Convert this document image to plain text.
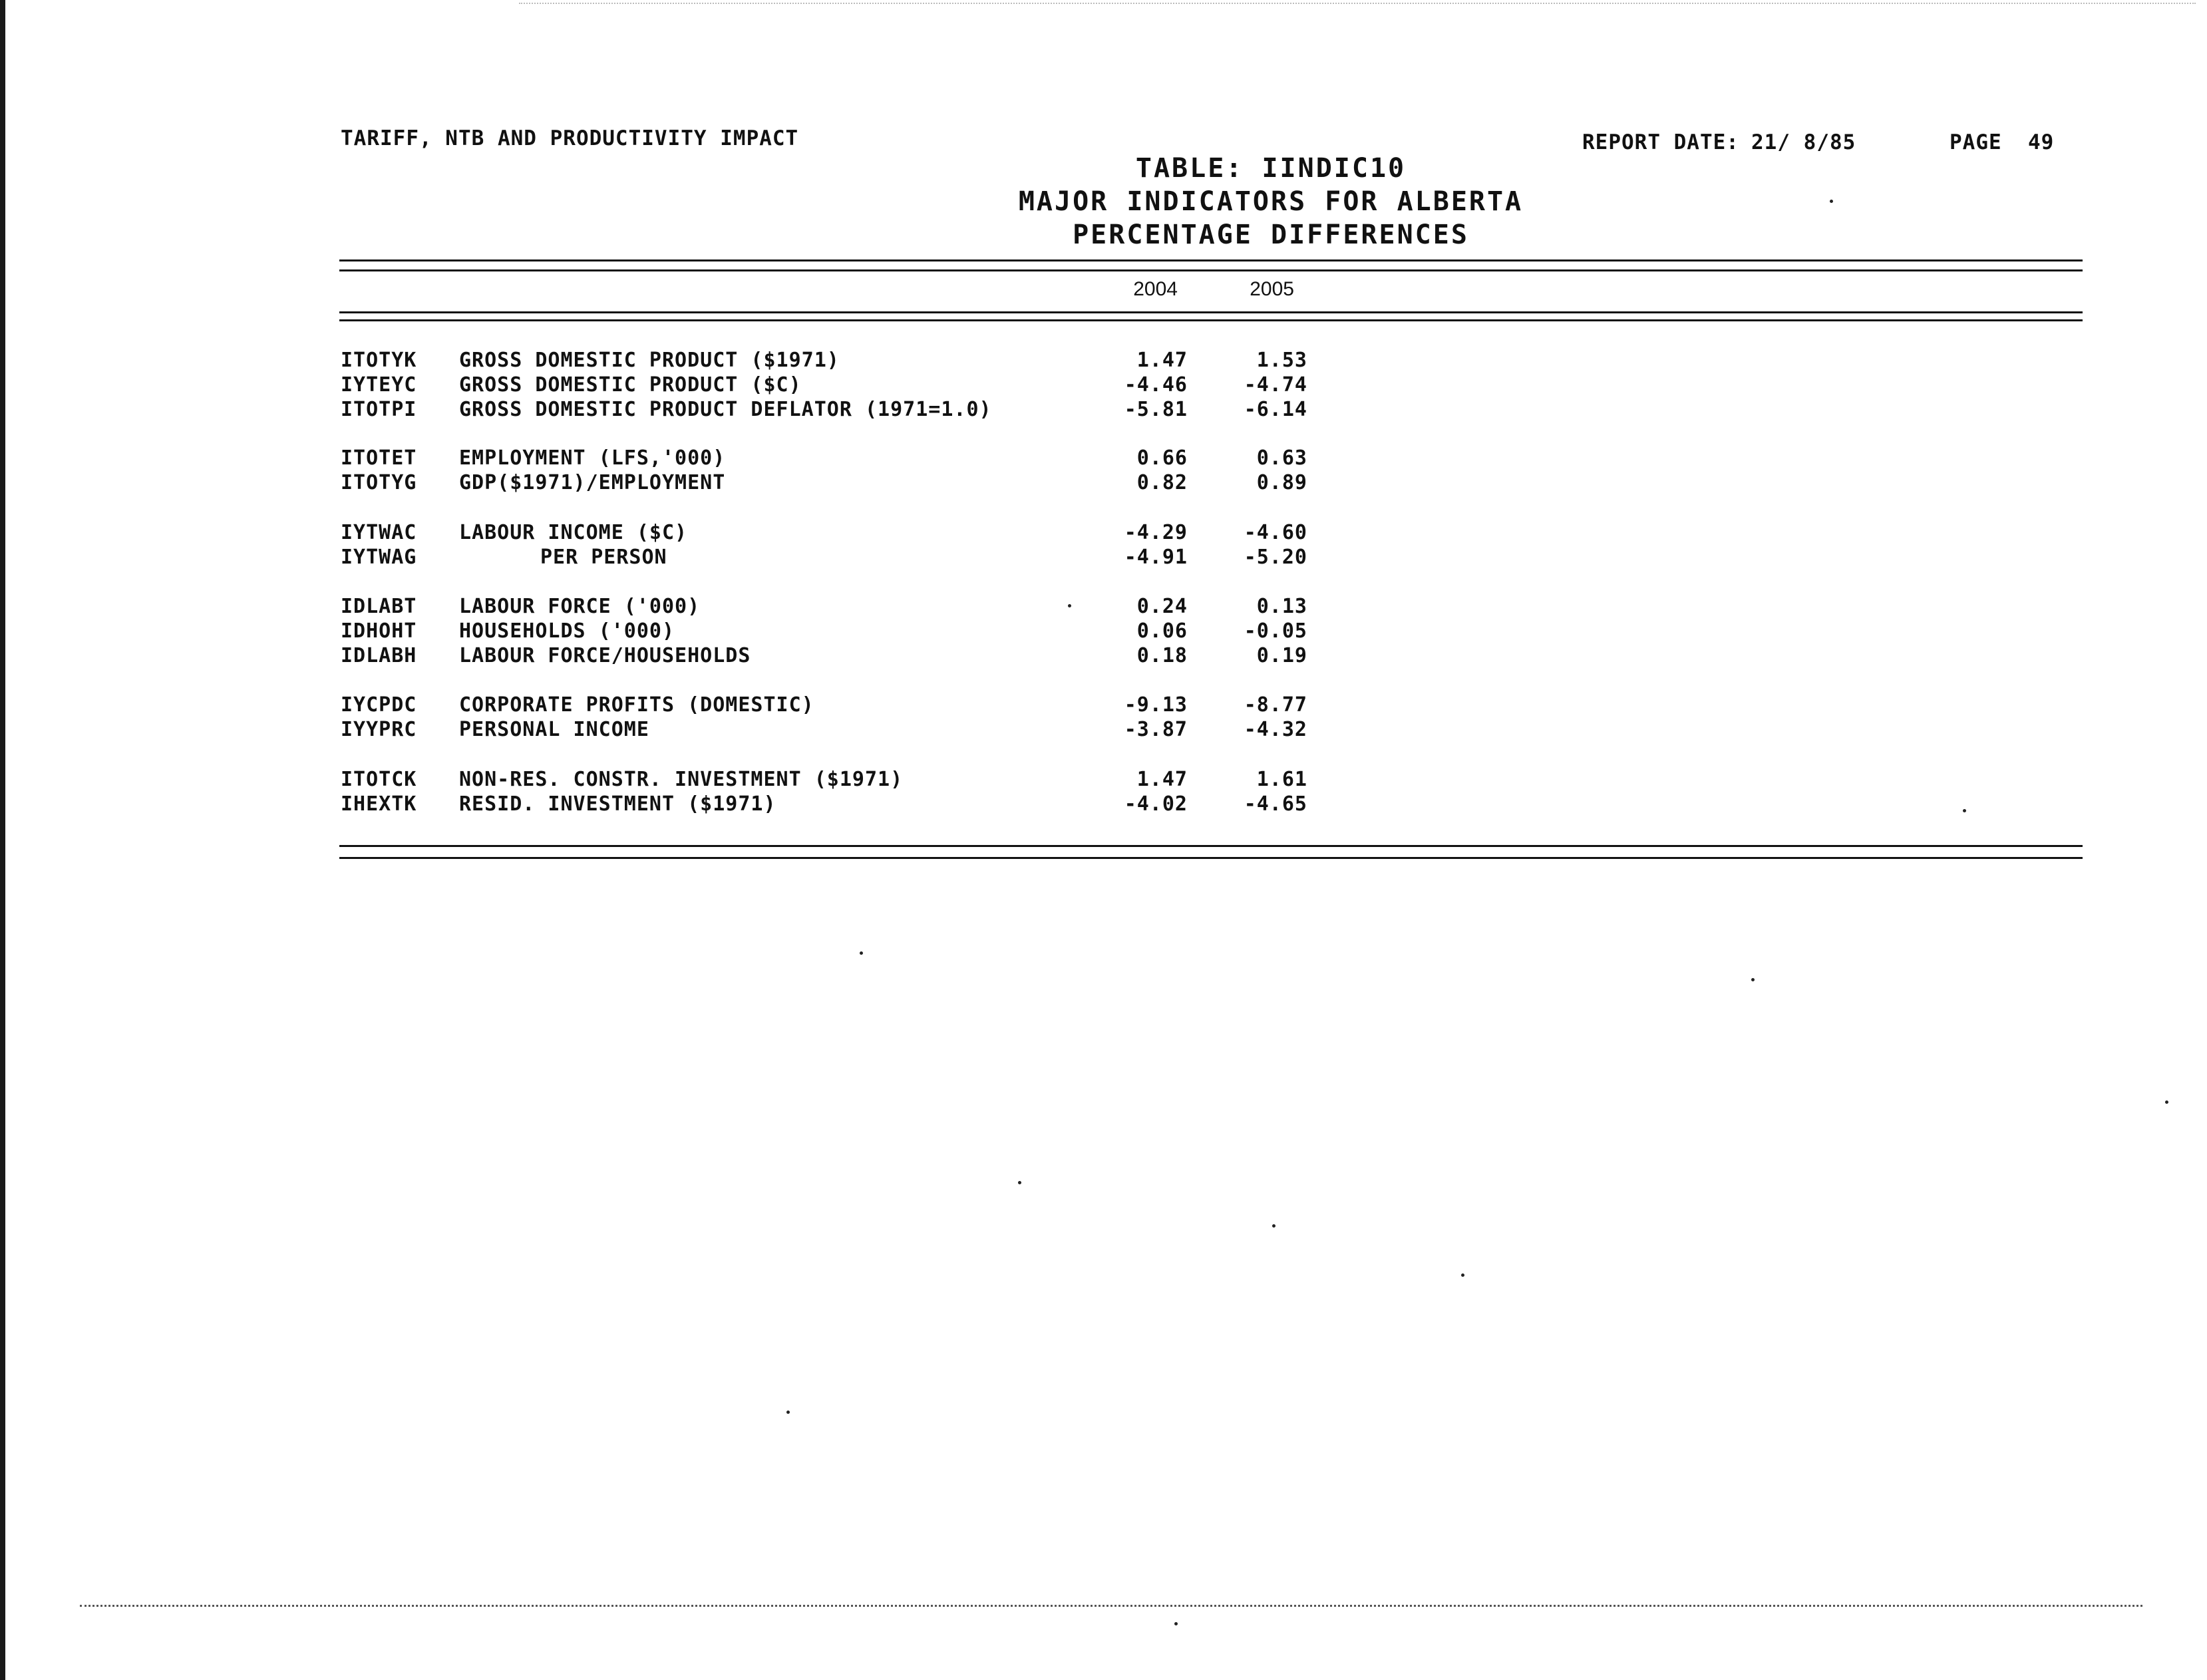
TARIFF, NTB AND PRODUCTIVITY IMPACT	REPORT DATE: 21/ 8/85	PAGE 49
TABLE: IINDIC10
MAJOR INDICATORS FOR ALBERTA
PERCENTAGE DIFFERENCES
2004	2005
ITOTYK GROSS DOMESTIC PRODUCT ($1971)	1.47	1.53
IYTEYC GROSS DOMESTIC PRODUCT ($C)	-4.46	-4.74
ITOTPI GROSS DOMESTIC PRODUCT DEFLATOR (1971=1.0)	-5.81	-6.14
ITOTET EMPLOYMENT (LFS,'000)	0.66	0.63
ITOTYG GDP($1971)/EMPLOYMENT	0.82	0.89
IYTWAC LABOUR INCOME ($C)	-4.29	-4.60
IYTWAG	PER PERSON	-4.91	-5.20
IDLABT LABOUR FORCE ('000)	0.24	0.13
IDHOHT HOUSEHOLDS ('000)	0.06	-0.05
IDLABH LABOUR FORCE/HOUSEHOLDS	0.18	0.19
IYCPDC CORPORATE PROFITS (DOMESTIC)	-9.13	-8.77
IYYPRC PERSONAL INCOME	-3.87	-4.32
ITOTCK NON-RES. CONSTR. INVESTMENT ($1971)	1.47	1.61
IHEXTK RESID. INVESTMENT ($1971)	-4.02	-4.65
